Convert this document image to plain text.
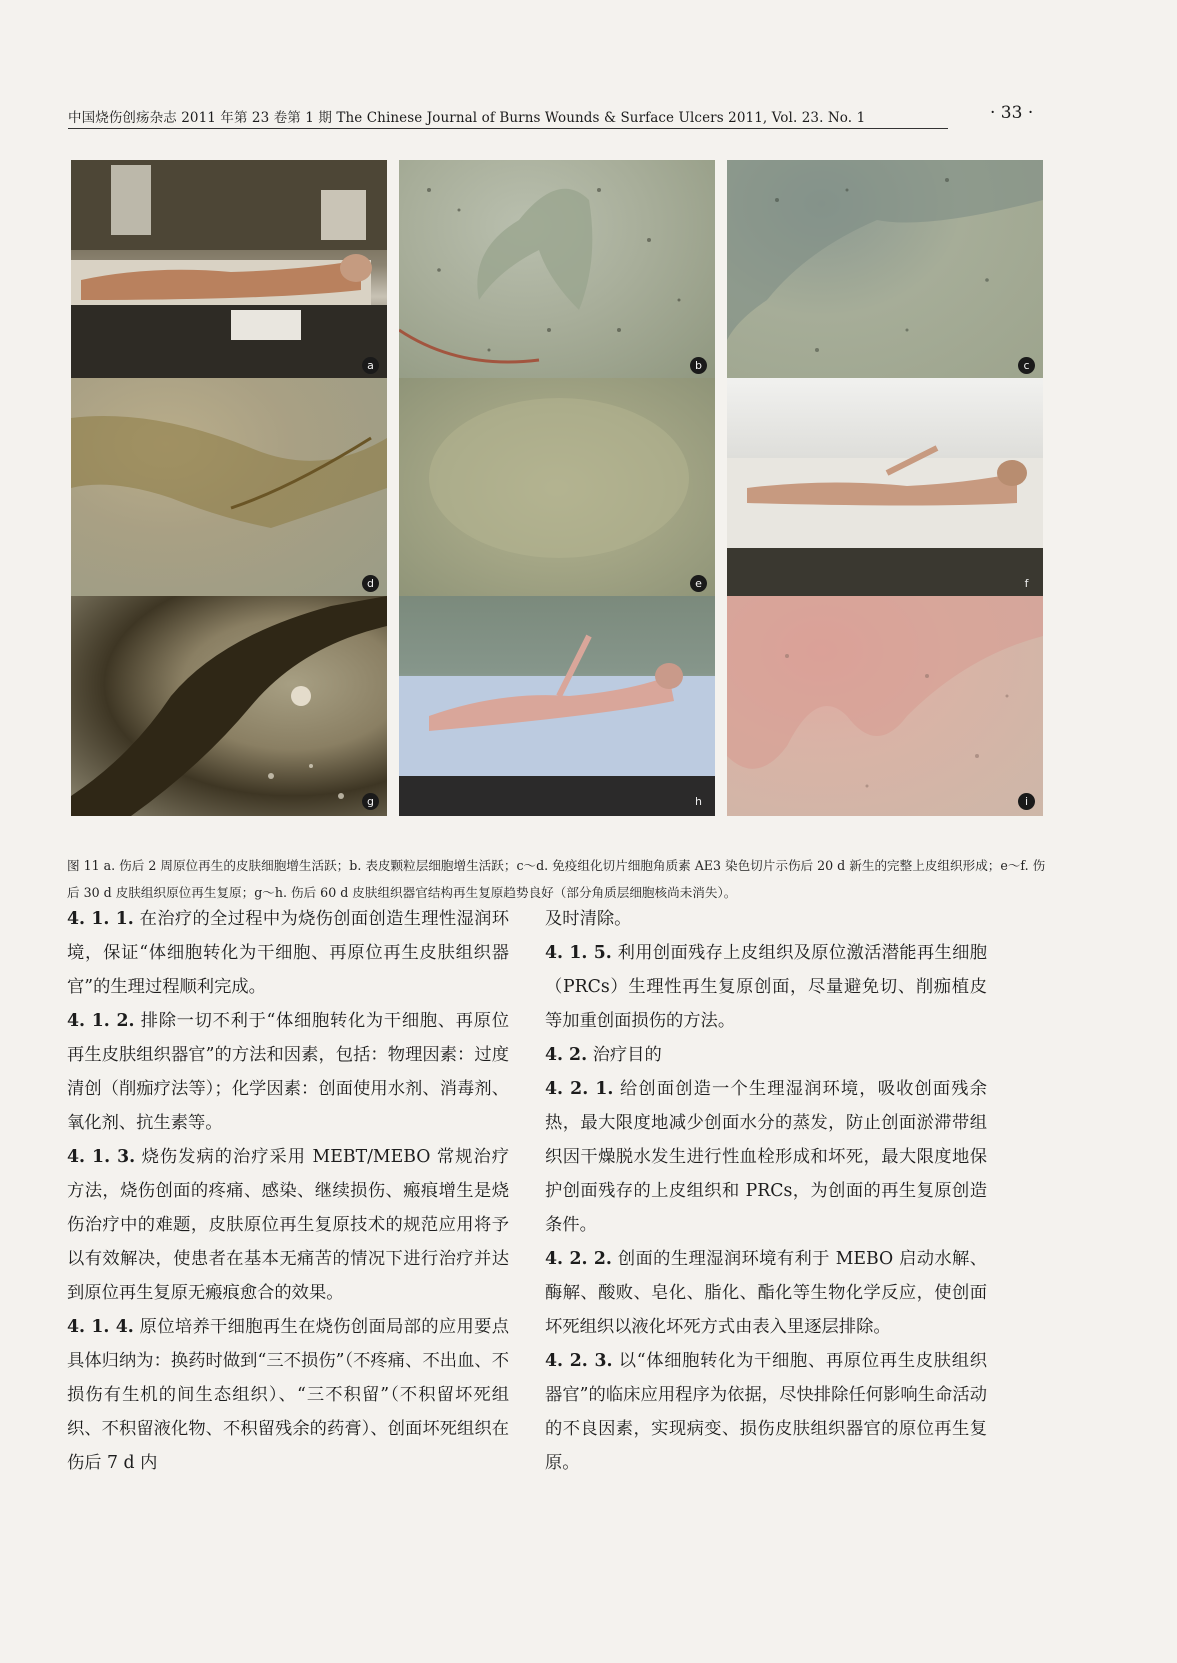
中国烧伤创疡杂志 2011 年第 23 卷第 1 期 The Chinese Journal of Burns Wounds & Surface Ulcers 2011, Vol. 23. No. 1	· 33 ·
a	b	c
d	e	f
g	h	i
图 11 a. 伤后 2 周原位再生的皮肤细胞增生活跃；b. 表皮颗粒层细胞增生活跃；c～d. 免疫组化切片细胞角质素 AE3 染色切片示伤后 20 d 新生的完整上皮组织形成；e～f. 伤后 30 d 皮肤组织原位再生复原；g～h. 伤后 60 d 皮肤组织器官结构再生复原趋势良好（部分角质层细胞核尚未消失）。

4. 1. 1. 在治疗的全过程中为烧伤创面创造生理性湿润环境，保证“体细胞转化为干细胞、再原位再生皮肤组织器官”的生理过程顺利完成。

4. 1. 2. 排除一切不利于“体细胞转化为干细胞、再原位再生皮肤组织器官”的方法和因素，包括：物理因素：过度清创（削痂疗法等）；化学因素：创面使用水剂、消毒剂、氧化剂、抗生素等。

4. 1. 3. 烧伤发病的治疗采用 MEBT/MEBO 常规治疗方法，烧伤创面的疼痛、感染、继续损伤、瘢痕增生是烧伤治疗中的难题，皮肤原位再生复原技术的规范应用将予以有效解决，使患者在基本无痛苦的情况下进行治疗并达到原位再生复原无瘢痕愈合的效果。

4. 1. 4. 原位培养干细胞再生在烧伤创面局部的应用要点具体归纳为：换药时做到“三不损伤”（不疼痛、不出血、不损伤有生机的间生态组织）、“三不积留”（不积留坏死组织、不积留液化物、不积留残余的药膏）、创面坏死组织在伤后 7 d 内

及时清除。

4. 1. 5. 利用创面残存上皮组织及原位激活潜能再生细胞（PRCs）生理性再生复原创面，尽量避免切、削痂植皮等加重创面损伤的方法。

4. 2. 治疗目的

4. 2. 1. 给创面创造一个生理湿润环境，吸收创面残余热，最大限度地减少创面水分的蒸发，防止创面淤滞带组织因干燥脱水发生进行性血栓形成和坏死，最大限度地保护创面残存的上皮组织和 PRCs，为创面的再生复原创造条件。

4. 2. 2. 创面的生理湿润环境有利于 MEBO 启动水解、酶解、酸败、皂化、脂化、酯化等生物化学反应，使创面坏死组织以液化坏死方式由表入里逐层排除。

4. 2. 3. 以“体细胞转化为干细胞、再原位再生皮肤组织器官”的临床应用程序为依据，尽快排除任何影响生命活动的不良因素，实现病变、损伤皮肤组织器官的原位再生复原。
